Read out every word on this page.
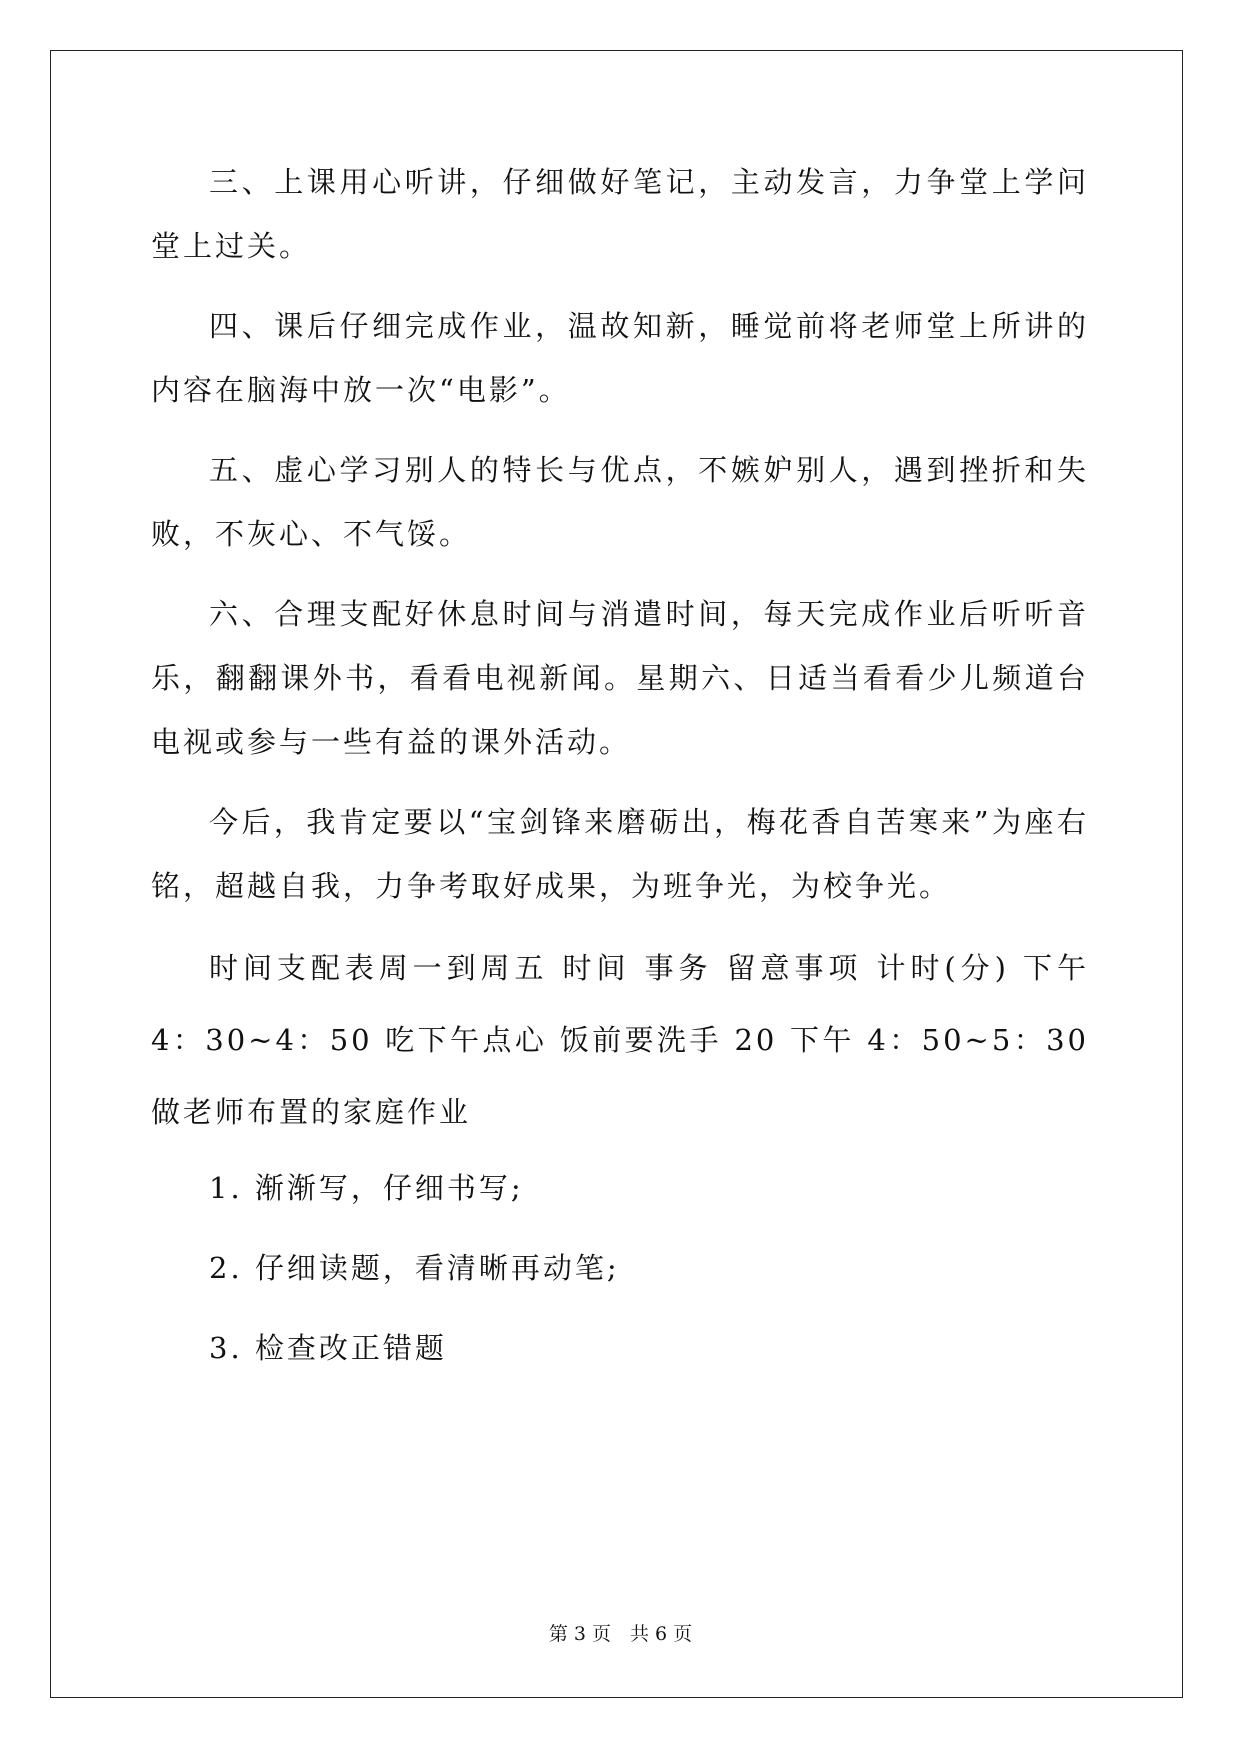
三、上课用心听讲，仔细做好笔记，主动发言，力争堂上学问堂上过关。

四、课后仔细完成作业，温故知新，睡觉前将老师堂上所讲的内容在脑海中放一次“电影”。

五、虚心学习别人的特长与优点，不嫉妒别人，遇到挫折和失败，不灰心、不气馁。

六、合理支配好休息时间与消遣时间，每天完成作业后听听音乐，翻翻课外书，看看电视新闻。星期六、日适当看看少儿频道台电视或参与一些有益的课外活动。

今后，我肯定要以“宝剑锋来磨砺出，梅花香自苦寒来”为座右铭，超越自我，力争考取好成果，为班争光，为校争光。

时间支配表周一到周五 时间 事务 留意事项 计时(分) 下午 4：30~4：50 吃下午点心 饭前要洗手 20 下午 4：50~5：30 做老师布置的家庭作业

1. 渐渐写，仔细书写;

2. 仔细读题，看清晰再动笔;

3. 检查改正错题

第 3 页　共 6 页
